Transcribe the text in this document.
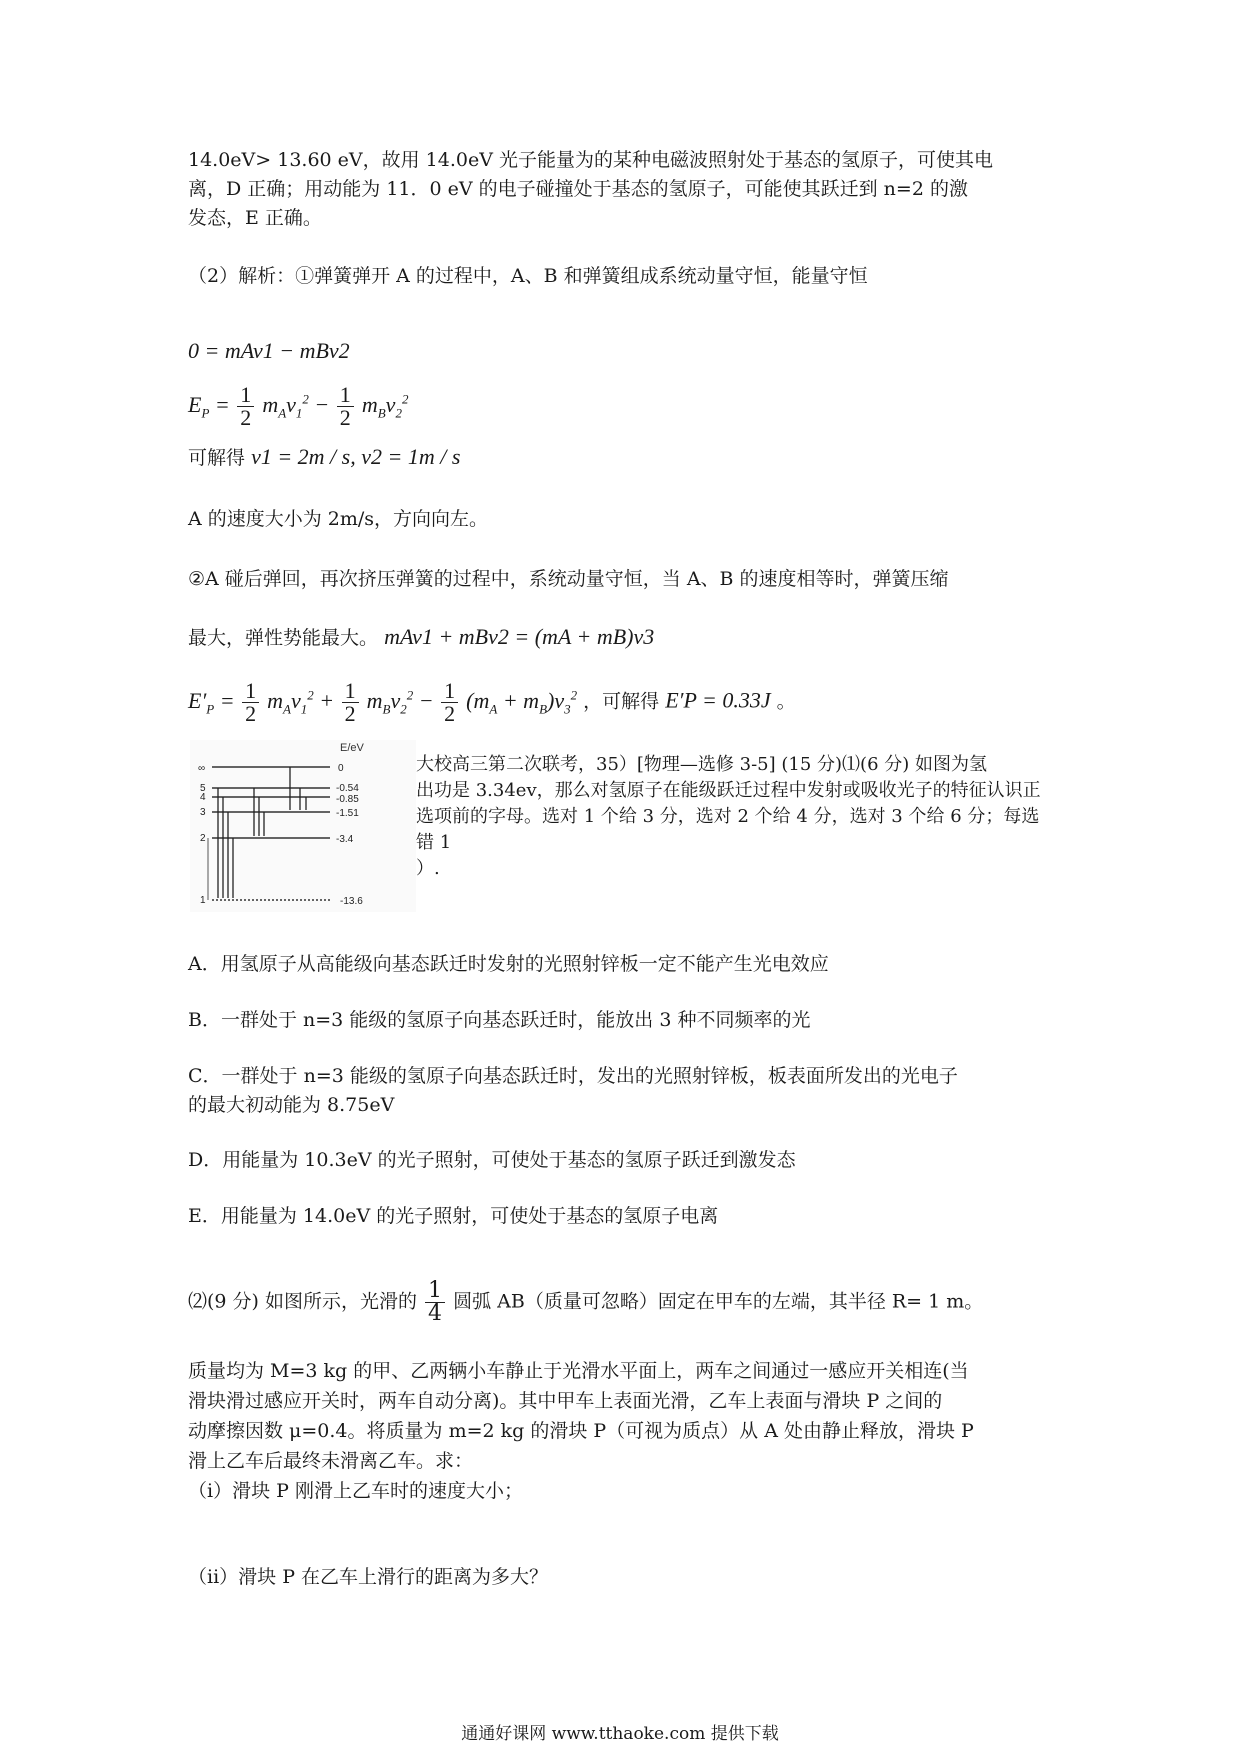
14.0eV> 13.60 eV，故用 14.0eV 光子能量为的某种电磁波照射处于基态的氢原子，可使其电

离，D 正确；用动能为 11．0 eV 的电子碰撞处于基态的氢原子，可能使其跃迁到 n=2 的激

发态，E 正确。

（2）解析：①弹簧弹开 A 的过程中，A、B 和弹簧组成系统动量守恒，能量守恒

0 = mAv1 − mBv2
$E_P = \frac{1}{2} m_Av_1^2 - \frac{1}{2} m_Bv_2^2$
可解得 v1 = 2m / s, v2 = 1m / s

A 的速度大小为 2m/s，方向向左。

②A 碰后弹回，再次挤压弹簧的过程中，系统动量守恒，当 A、B 的速度相等时，弹簧压缩

最大，弹性势能最大。 mAv1 + mBv2 = (mA + mB)v3
$E'_P = \frac{1}{2} m_Av_1^2 + \frac{1}{2} m_Bv_2^2 - \frac{1}{2} (m_A + m_B)v_3^2$ ，可解得 E′P = 0.33J 。
E/eV
∞
5
4
3
2
1
0
-0.54
-0.85
-1.51
-3.4
-13.6

大校高三第二次联考，35）[物理—选修 3-5] (15 分)⑴(6 分) 如图为氢

出功是 3.34ev，那么对氢原子在能级跃迁过程中发射或吸收光子的特征认识正

选项前的字母。选对 1 个给 3 分，选对 2 个给 4 分，选对 3 个给 6 分；每选错 1

）.

A．用氢原子从高能级向基态跃迁时发射的光照射锌板一定不能产生光电效应

B．一群处于 n=3 能级的氢原子向基态跃迁时，能放出 3 种不同频率的光

C．一群处于 n=3 能级的氢原子向基态跃迁时，发出的光照射锌板，板表面所发出的光电子

的最大初动能为 8.75eV

D．用能量为 10.3eV 的光子照射，可使处于基态的氢原子跃迁到激发态

E．用能量为 14.0eV 的光子照射，可使处于基态的氢原子电离

⑵(9 分) 如图所示，光滑的 $\frac{1}{4}$ 圆弧 AB（质量可忽略）固定在甲车的左端，其半径 R= 1 m。

质量均为 M=3 kg 的甲、乙两辆小车静止于光滑水平面上，两车之间通过一感应开关相连(当

滑块滑过感应开关时，两车自动分离)。其中甲车上表面光滑，乙车上表面与滑块 P 之间的

动摩擦因数 μ=0.4。将质量为 m=2 kg 的滑块 P（可视为质点）从 A 处由静止释放，滑块 P

滑上乙车后最终未滑离乙车。求：

（i）滑块 P 刚滑上乙车时的速度大小；

（ii）滑块 P 在乙车上滑行的距离为多大？

通通好课网 www.tthaoke.com 提供下载
